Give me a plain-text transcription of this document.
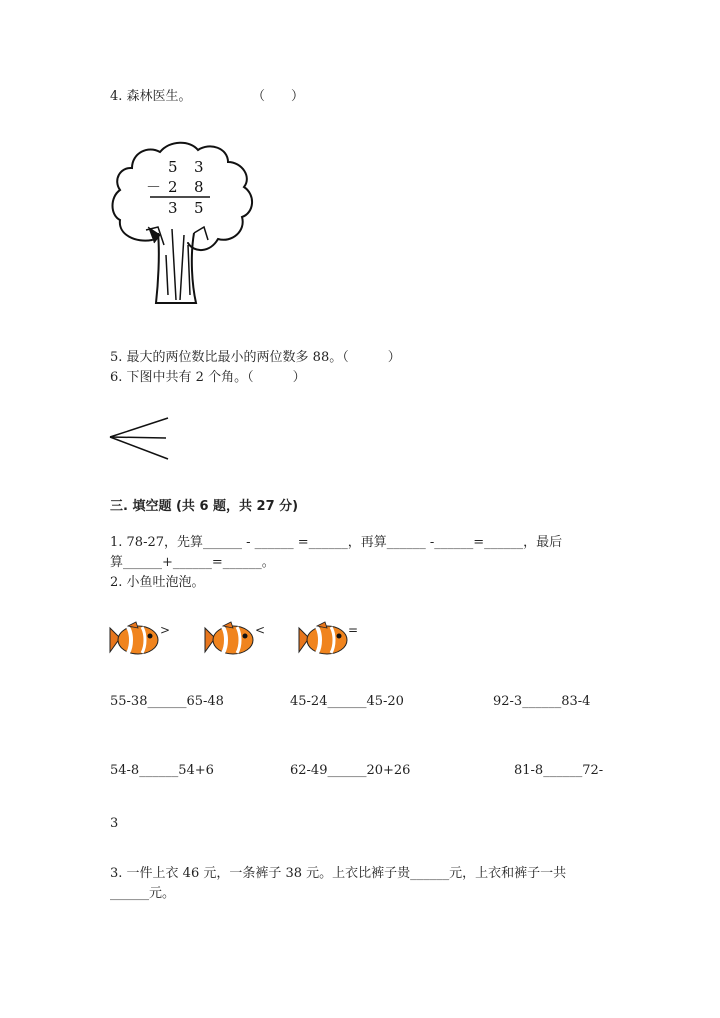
4. 森林医生。	（　　）
5 3
－ 2 8
3 5
5. 最大的两位数比最小的两位数多 88。（　　　）
6. 下图中共有 2 个角。（　　　）
三. 填空题 (共 6 题，共 27 分)
1. 78-27，先算______ - ______ =______，再算______ -______=______，最后
算______+______=______。
2. 小鱼吐泡泡。
>	<	=
55-38______65-48	45-24______45-20	92-3______83-4
54-8______54+6	62-49______20+26	81-8______72-
3
3. 一件上衣 46 元，一条裤子 38 元。上衣比裤子贵______元，上衣和裤子一共
______元。
